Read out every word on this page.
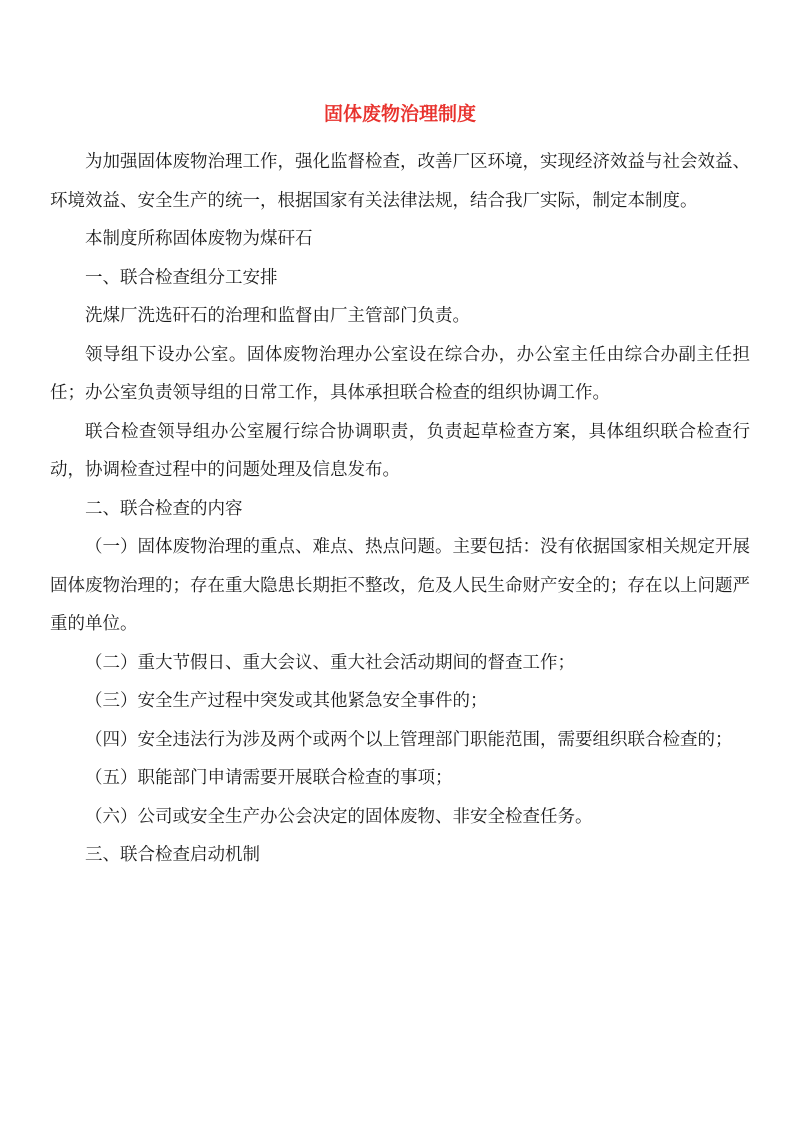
固体废物治理制度

为加强固体废物治理工作，强化监督检查，改善厂区环境，实现经济效益与社会效益、环境效益、安全生产的统一，根据国家有关法律法规，结合我厂实际，制定本制度。

本制度所称固体废物为煤矸石

一、联合检查组分工安排

洗煤厂洗选矸石的治理和监督由厂主管部门负责。

领导组下设办公室。固体废物治理办公室设在综合办，办公室主任由综合办副主任担任；办公室负责领导组的日常工作，具体承担联合检查的组织协调工作。

联合检查领导组办公室履行综合协调职责，负责起草检查方案，具体组织联合检查行动，协调检查过程中的问题处理及信息发布。

二、联合检查的内容

（一）固体废物治理的重点、难点、热点问题。主要包括：没有依据国家相关规定开展固体废物治理的；存在重大隐患长期拒不整改，危及人民生命财产安全的；存在以上问题严重的单位。

（二）重大节假日、重大会议、重大社会活动期间的督查工作；

（三）安全生产过程中突发或其他紧急安全事件的；

（四）安全违法行为涉及两个或两个以上管理部门职能范围，需要组织联合检查的；

（五）职能部门申请需要开展联合检查的事项；

（六）公司或安全生产办公会决定的固体废物、非安全检查任务。

三、联合检查启动机制
